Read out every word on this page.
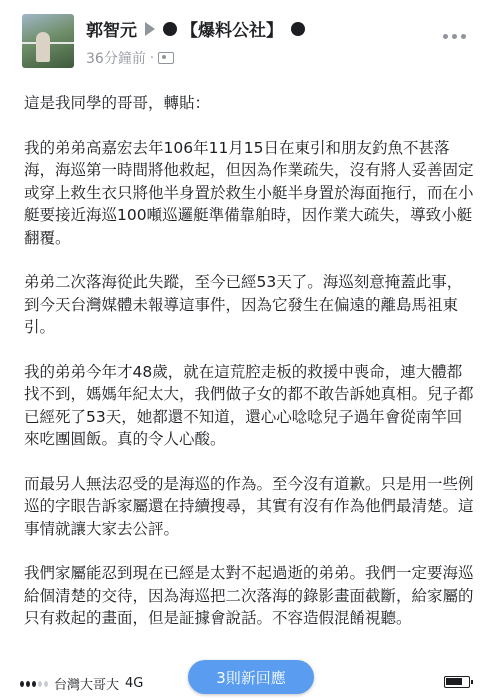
郭智元	【爆料公社】
36分鐘前 ·

這是我同學的哥哥，轉貼：

我的弟弟高嘉宏去年106年11月15日在東引和朋友釣魚不甚落海，海巡第一時間將他救起，但因為作業疏失，沒有將人妥善固定或穿上救生衣只將他半身置於救生小艇半身置於海面拖行，而在小艇要接近海巡100噸巡邏艇準備靠舶時，因作業大疏失，導致小艇翻覆。

弟弟二次落海從此失蹤，至今已經53天了。海巡刻意掩蓋此事，到今天台灣媒體未報導這事件，因為它發生在偏遠的離島馬祖東引。

我的弟弟今年才48歲，就在這荒腔走板的救援中喪命，連大體都找不到，媽媽年紀太大，我們做子女的都不敢告訴她真相。兒子都已經死了53天，她都還不知道，還心心唸唸兒子過年會從南竿回來吃團圓飯。真的令人心酸。

而最另人無法忍受的是海巡的作為。至今沒有道歉。只是用一些例巡的字眼告訴家屬還在持續搜尋，其實有沒有作為他們最清楚。這事情就讓大家去公評。

我們家屬能忍到現在已經是太對不起過逝的弟弟。我們一定要海巡給個清楚的交待，因為海巡把二次落海的錄影畫面截斷，給家屬的只有救起的畫面，但是証據會說話。不容造假混餚視聽。

台灣大哥大 4G	3則新回應
